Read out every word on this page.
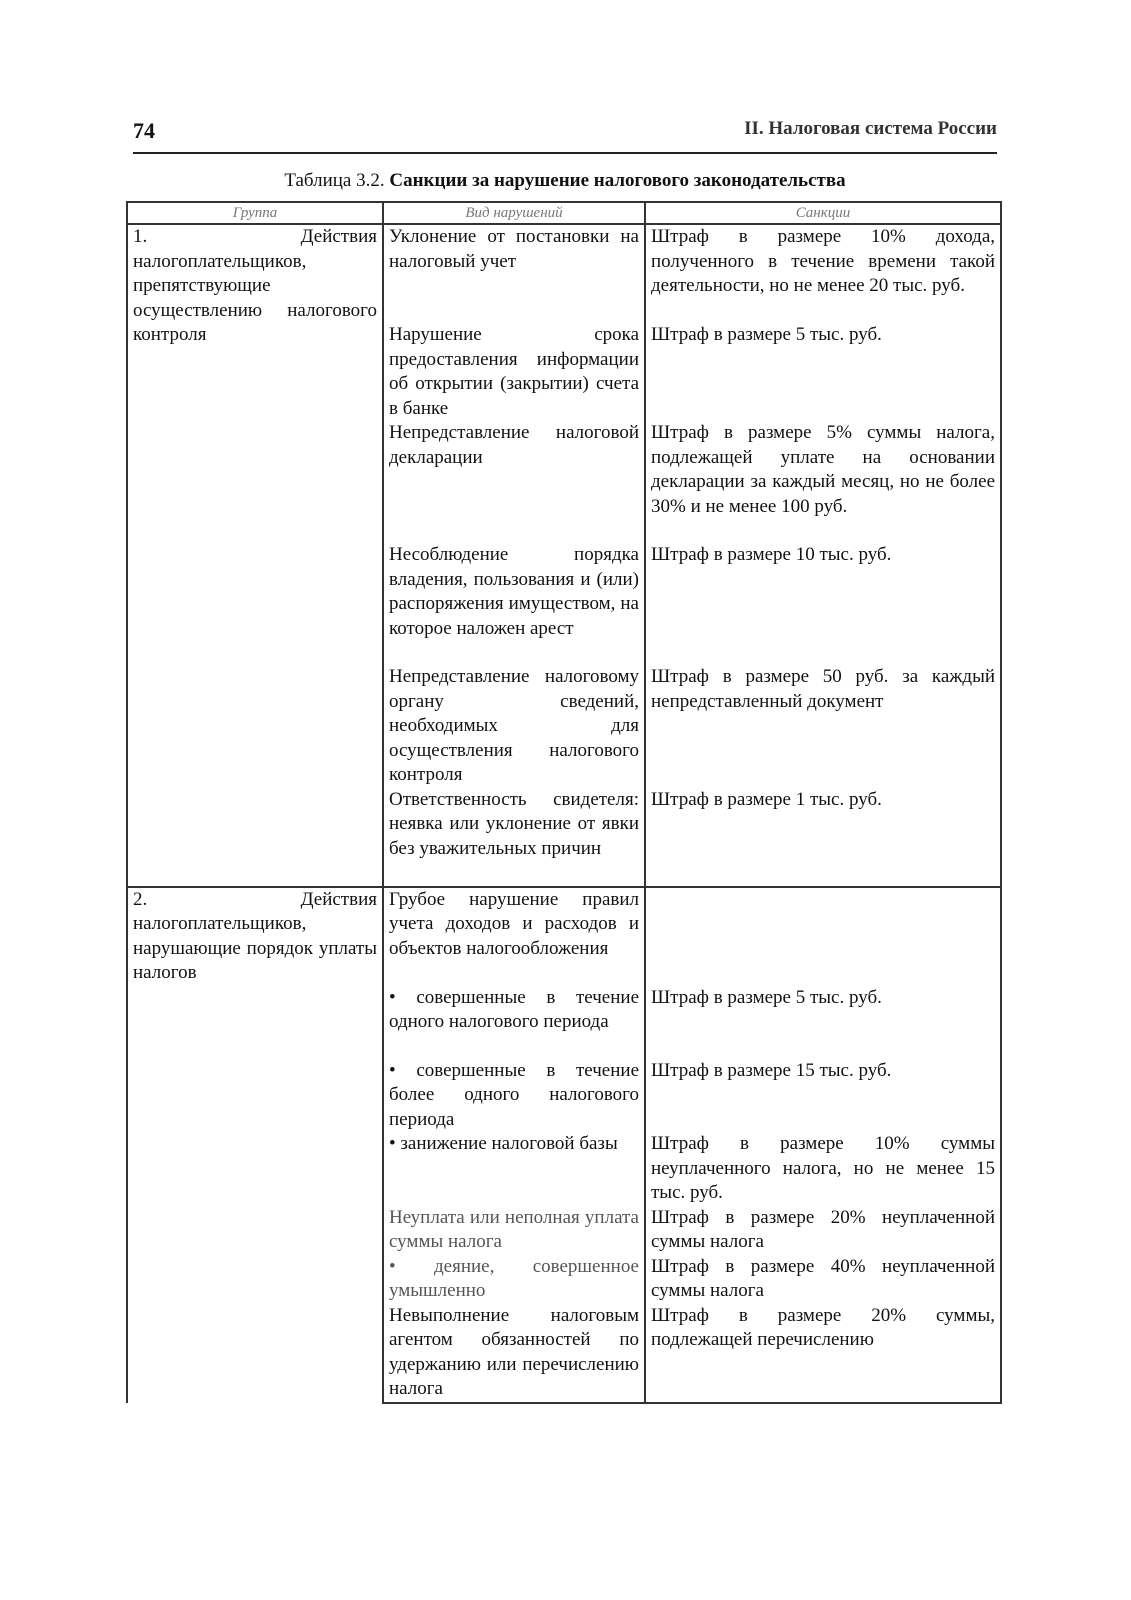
74	II. Налоговая система России
Таблица 3.2. Санкции за нарушение налогового законодательства
Группа	Вид нарушений	Санкции
1. Действия налогоплательщиков, препятствующие осуществлению налогового контроля	Уклонение от постановки на налоговый учет	Штраф в размере 10% дохода, полученного в течение времени такой деятельности, но не менее 20 тыс. руб.
	Нарушение срока предоставления информации об открытии (закрытии) счета в банке	Штраф в размере 5 тыс. руб.
	Непредставление налоговой декларации	Штраф в размере 5% суммы налога, подлежащей уплате на основании декларации за каждый месяц, но не более 30% и не менее 100 руб.
	Несоблюдение порядка владения, пользования и (или) распоряжения имуществом, на которое наложен арест	Штраф в размере 10 тыс. руб.
	Непредставление налоговому органу сведений, необходимых для осуществления налогового контроля	Штраф в размере 50 руб. за каждый непредставленный документ
	Ответственность свидетеля: неявка или уклонение от явки без уважительных причин	Штраф в размере 1 тыс. руб.
2. Действия налогоплательщиков, нарушающие порядок уплаты налогов	Грубое нарушение правил учета доходов и расходов и объектов налогообложения	
	• совершенные в течение одного налогового периода	Штраф в размере 5 тыс. руб.
	• совершенные в течение более одного налогового периода	Штраф в размере 15 тыс. руб.
	• занижение налоговой базы	Штраф в размере 10% суммы неуплаченного налога, но не менее 15 тыс. руб.
	Неуплата или неполная уплата суммы налога	Штраф в размере 20% неуплаченной суммы налога
	• деяние, совершенное умышленно	Штраф в размере 40% неуплаченной суммы налога
	Невыполнение налоговым агентом обязанностей по удержанию или перечислению налога	Штраф в размере 20% суммы, подлежащей перечислению
